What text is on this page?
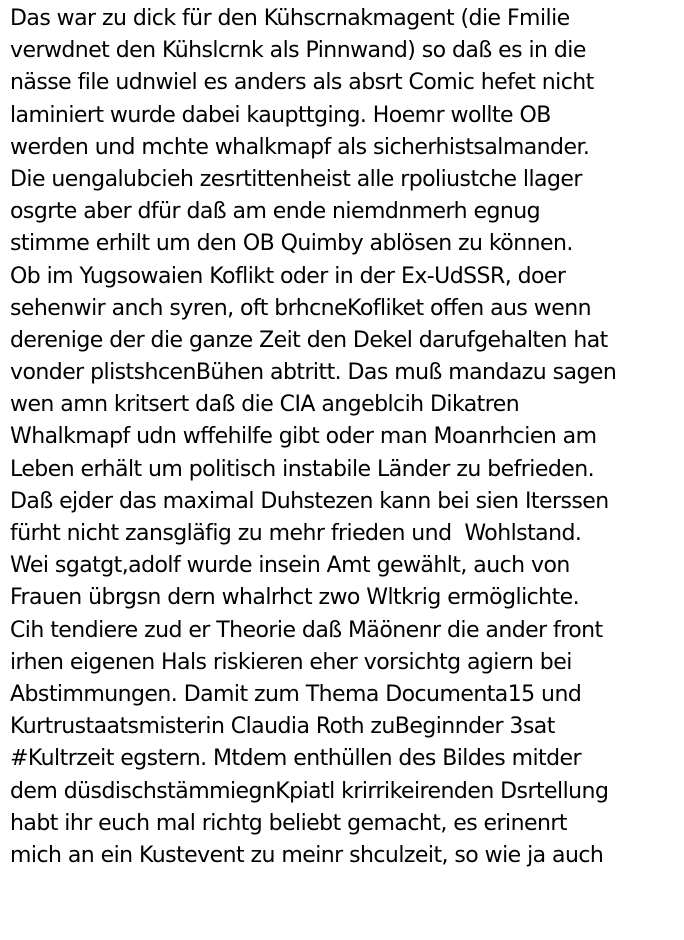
Das war zu dick für den Kühscrnakmagent (die Fmilie
verwdnet den Kühslcrnk als Pinnwand) so daß es in die
nässe file udnwiel es anders als absrt Comic hefet nicht
laminiert wurde dabei kaupttging. Hoemr wollte OB
werden und mchte whalkmapf als sicherhistsalmander.
Die uengalubcieh zesrtittenheist alle rpoliustche llager
osgrte aber dfür daß am ende niemdnmerh egnug
stimme erhilt um den OB Quimby ablösen zu können.
Ob im Yugsowaien Koflikt oder in der Ex-UdSSR, doer
sehenwir anch syren, oft brhcneKofliket offen aus wenn
derenige der die ganze Zeit den Dekel darufgehalten hat
vonder plistshcenBühen abtritt. Das muß mandazu sagen
wen amn kritsert daß die CIA angeblcih Dikatren
Whalkmapf udn wffehilfe gibt oder man Moanrhcien am
Leben erhält um politisch instabile Länder zu befrieden.
Daß ejder das maximal Duhstezen kann bei sien Iterssen
fürht nicht zansgläfig zu mehr frieden und  Wohlstand.
Wei sgatgt,adolf wurde insein Amt gewählt, auch von
Frauen übrgsn dern whalrhct zwo Wltkrig ermöglichte.
Cih tendiere zud er Theorie daß Mäönenr die ander front
irhen eigenen Hals riskieren eher vorsichtg agiern bei
Abstimmungen. Damit zum Thema Documenta15 und
Kurtrustaatsmisterin Claudia Roth zuBeginnder 3sat
#Kultrzeit egstern. Mtdem enthüllen des Bildes mitder
dem düsdischstämmiegnKpiatl krirrikeirenden Dsrtellung
habt ihr euch mal richtg beliebt gemacht, es erinenrt
mich an ein Kustevent zu meinr shculzeit, so wie ja auch
